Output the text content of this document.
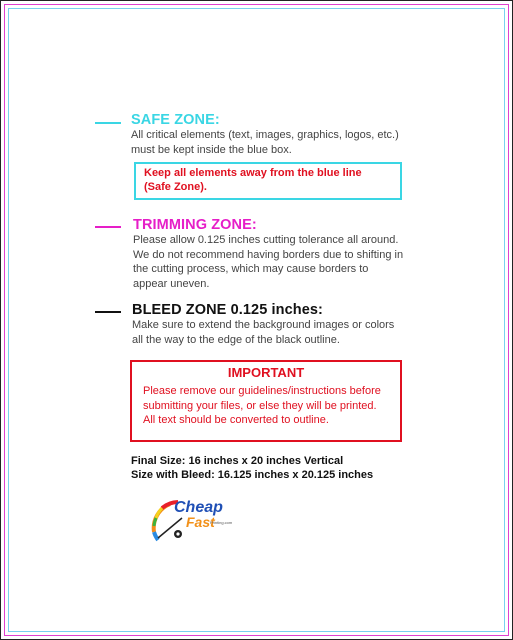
SAFE ZONE:
All critical elements (text, images, graphics, logos, etc.)
must be kept inside the blue box.
Keep all elements away from the blue line
(Safe Zone).
TRIMMING ZONE:
Please allow 0.125 inches cutting tolerance all around.
We do not recommend having borders due to shifting in
the cutting process, which may cause borders to
appear uneven.
BLEED ZONE 0.125 inches:
Make sure to extend the background images or colors
all the way to the edge of the black outline.
IMPORTANT
Please remove our guidelines/instructions before
submitting your files, or else they will be printed.
All text should be converted to outline.
Final Size: 16 inches x 20 inches Vertical
Size with Bleed: 16.125 inches x 20.125 inches
Cheap
Fast
Printing.com
